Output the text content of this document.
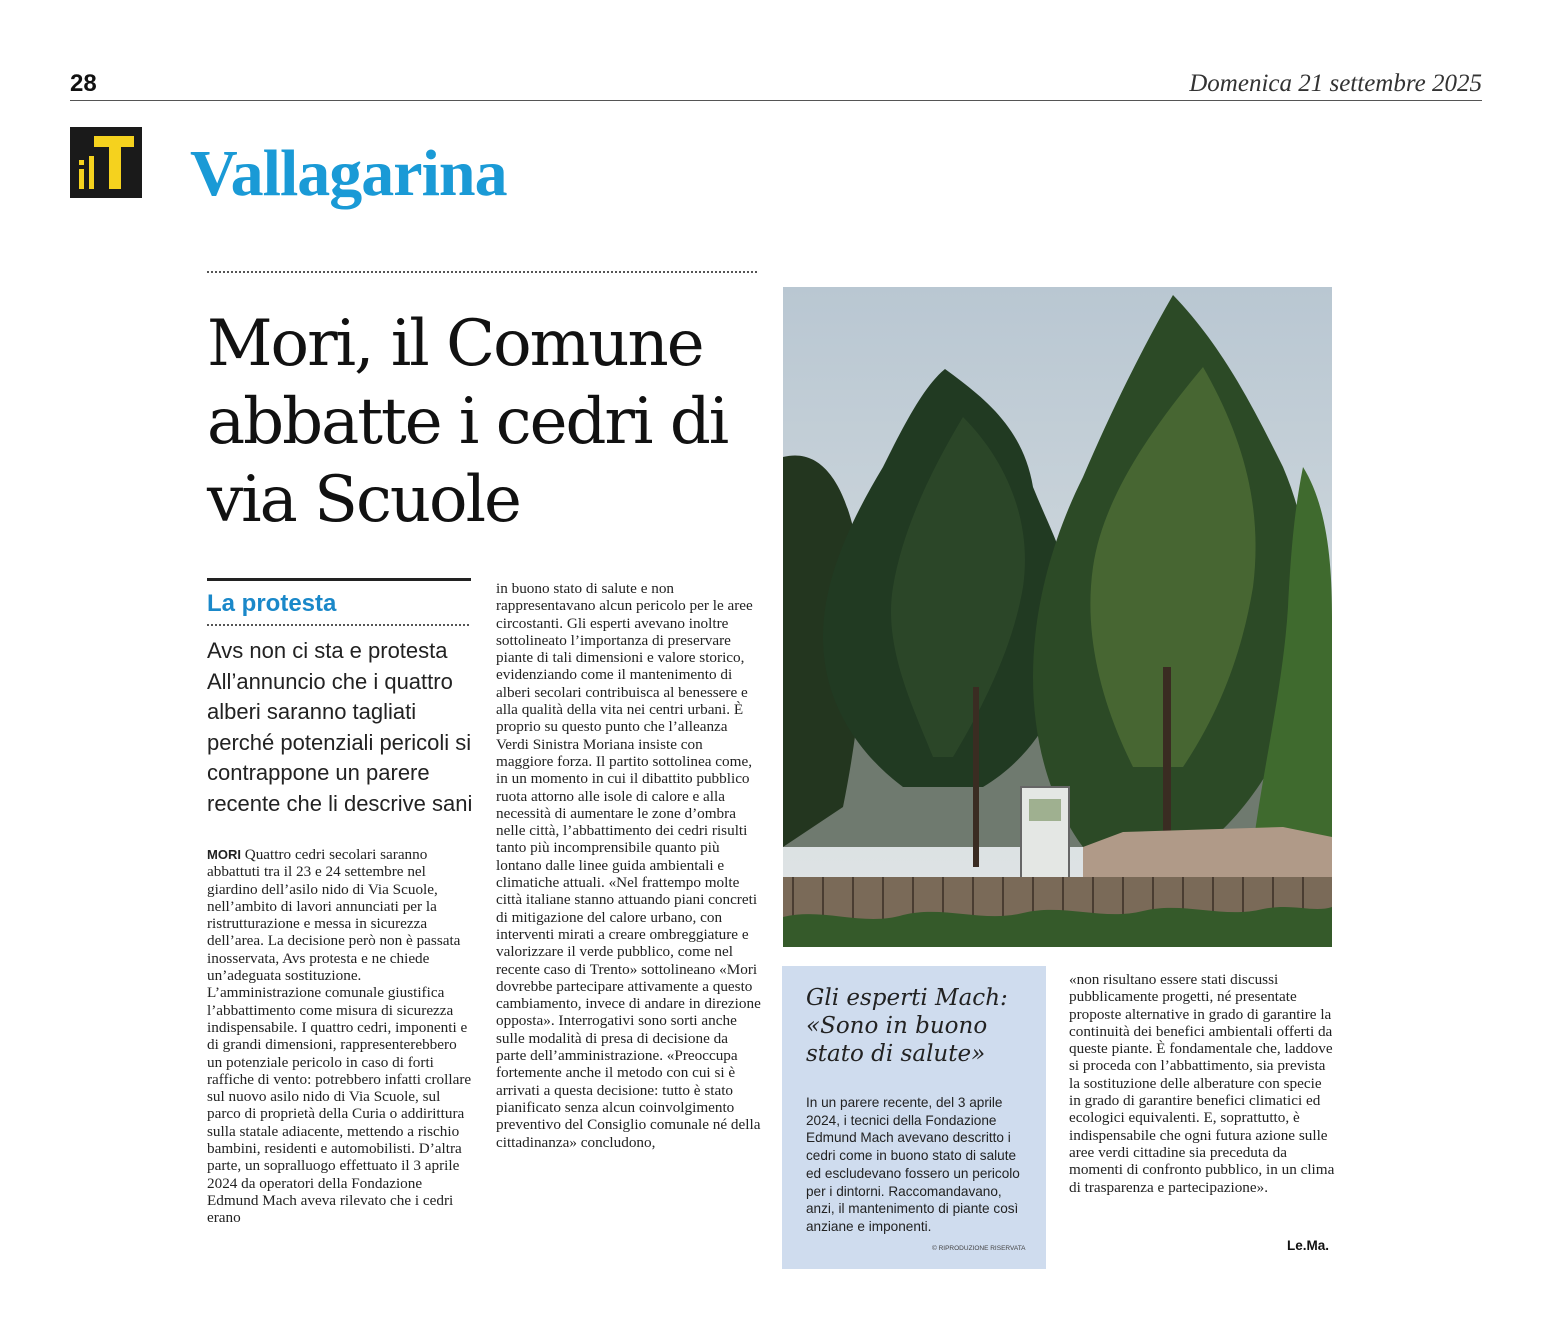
28	Domenica 21 settembre 2025
Vallagarina
Mori, il Comune abbatte i cedri di via Scuole
La protesta
Avs non ci sta e protesta All’annuncio che i quattro alberi saranno tagliati perché potenziali pericoli si contrappone un parere recente che li descrive sani
MORI Quattro cedri secolari saranno abbattuti tra il 23 e 24 settembre nel giardino dell’asilo nido di Via Scuole, nell’ambito di lavori annunciati per la ristrutturazione e messa in sicurezza dell’area. La decisione però non è passata inosservata, Avs protesta e ne chiede un’adeguata sostituzione. L’amministrazione comunale giustifica l’abbattimento come misura di sicurezza indispensabile. I quattro cedri, imponenti e di grandi dimensioni, rappresenterebbero un potenziale pericolo in caso di forti raffiche di vento: potrebbero infatti crollare sul nuovo asilo nido di Via Scuole, sul parco di proprietà della Curia o addirittura sulla statale adiacente, mettendo a rischio bambini, residenti e automobilisti. D’altra parte, un sopralluogo effettuato il 3 aprile 2024 da operatori della Fondazione Edmund Mach aveva rilevato che i cedri erano
in buono stato di salute e non rappresentavano alcun pericolo per le aree circostanti. Gli esperti avevano inoltre sottolineato l’importanza di preservare piante di tali dimensioni e valore storico, evidenziando come il mantenimento di alberi secolari contribuisca al benessere e alla qualità della vita nei centri urbani. È proprio su questo punto che l’alleanza Verdi Sinistra Moriana insiste con maggiore forza. Il partito sottolinea come, in un momento in cui il dibattito pubblico ruota attorno alle isole di calore e alla necessità di aumentare le zone d’ombra nelle città, l’abbattimento dei cedri risulti tanto più incomprensibile quanto più lontano dalle linee guida ambientali e climatiche attuali. «Nel frattempo molte città italiane stanno attuando piani concreti di mitigazione del calore urbano, con interventi mirati a creare ombreggiature e valorizzare il verde pubblico, come nel recente caso di Trento» sottolineano «Mori dovrebbe partecipare attivamente a questo cambiamento, invece di andare in direzione opposta». Interrogativi sono sorti anche sulle modalità di presa di decisione da parte dell’amministrazione. «Preoccupa fortemente anche il metodo con cui si è arrivati a questa decisione: tutto è stato pianificato senza alcun coinvolgimento preventivo del Consiglio comunale né della cittadinanza» concludono,
Gli esperti Mach: «Sono in buono stato di salute»
In un parere recente, del 3 aprile 2024, i tecnici della Fondazione Edmund Mach avevano descritto i cedri come in buono stato di salute ed escludevano fossero un pericolo per i dintorni. Raccomandavano, anzi, il mantenimento di piante così anziane e imponenti.
© RIPRODUZIONE RISERVATA
«non risultano essere stati discussi pubblicamente progetti, né presentate proposte alternative in grado di garantire la continuità dei benefici ambientali offerti da queste piante. È fondamentale che, laddove si proceda con l’abbattimento, sia prevista la sostituzione delle alberature con specie in grado di garantire benefici climatici ed ecologici equivalenti. E, soprattutto, è indispensabile che ogni futura azione sulle aree verdi cittadine sia preceduta da momenti di confronto pubblico, in un clima di trasparenza e partecipazione».
Le.Ma.
